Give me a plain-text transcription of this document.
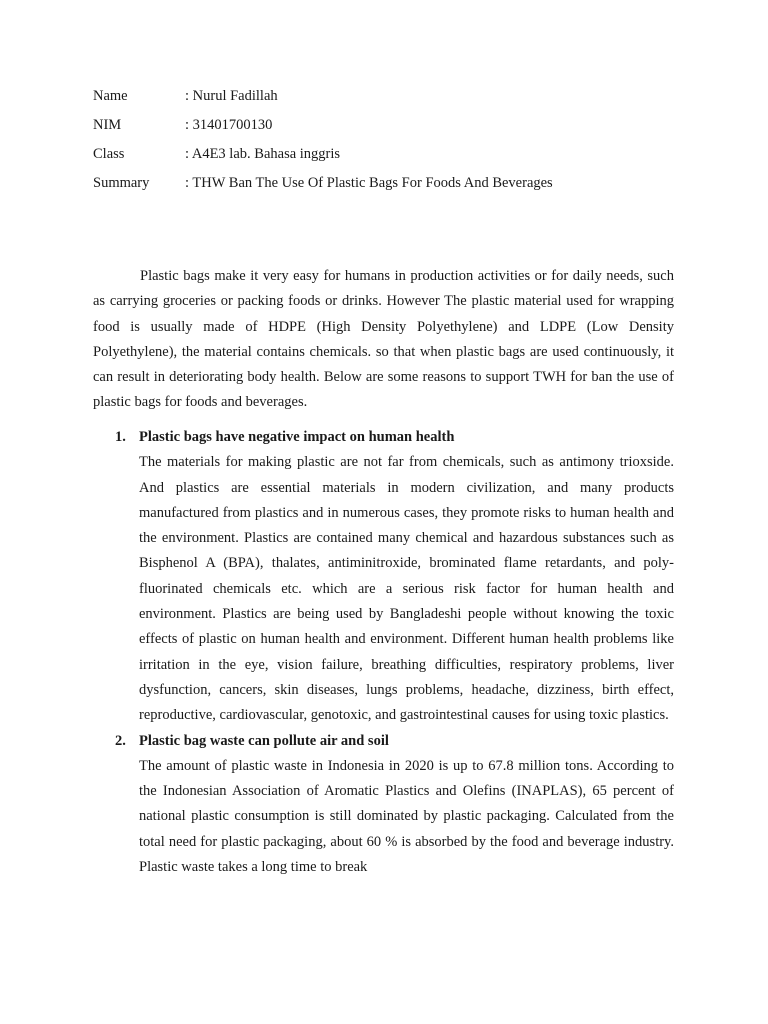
Name	: Nurul Fadillah
NIM	: 31401700130
Class	: A4E3 lab. Bahasa inggris
Summary	: THW Ban The Use Of Plastic Bags For Foods And Beverages

Plastic bags make it very easy for humans in production activities or for daily needs, such as carrying groceries or packing foods or drinks. However The plastic material used for wrapping food is usually made of HDPE (High Density Polyethylene) and LDPE (Low Density Polyethylene), the material contains chemicals. so that when plastic bags are used continuously, it can result in deteriorating body health. Below are some reasons to support TWH for ban the use of plastic bags for foods and beverages.

1. Plastic bags have negative impact on human health

The materials for making plastic are not far from chemicals, such as antimony trioxside. And plastics are essential materials in modern civilization, and many products manufactured from plastics and in numerous cases, they promote risks to human health and the environment. Plastics are contained many chemical and hazardous substances such as Bisphenol A (BPA), thalates, antiminitroxide, brominated flame retardants, and poly- fluorinated chemicals etc. which are a serious risk factor for human health and environment. Plastics are being used by Bangladeshi people without knowing the toxic effects of plastic on human health and environment. Different human health problems like irritation in the eye, vision failure, breathing difficulties, respiratory problems, liver dysfunction, cancers, skin diseases, lungs problems, headache, dizziness, birth effect, reproductive, cardiovascular, genotoxic, and gastrointestinal causes for using toxic plastics.

2. Plastic bag waste can pollute air and soil

The amount of plastic waste in Indonesia in 2020 is up to 67.8 million tons. According to the Indonesian Association of Aromatic Plastics and Olefins (INAPLAS), 65 percent of national plastic consumption is still dominated by plastic packaging. Calculated from the total need for plastic packaging, about 60 % is absorbed by the food and beverage industry. Plastic waste takes a long time to break
